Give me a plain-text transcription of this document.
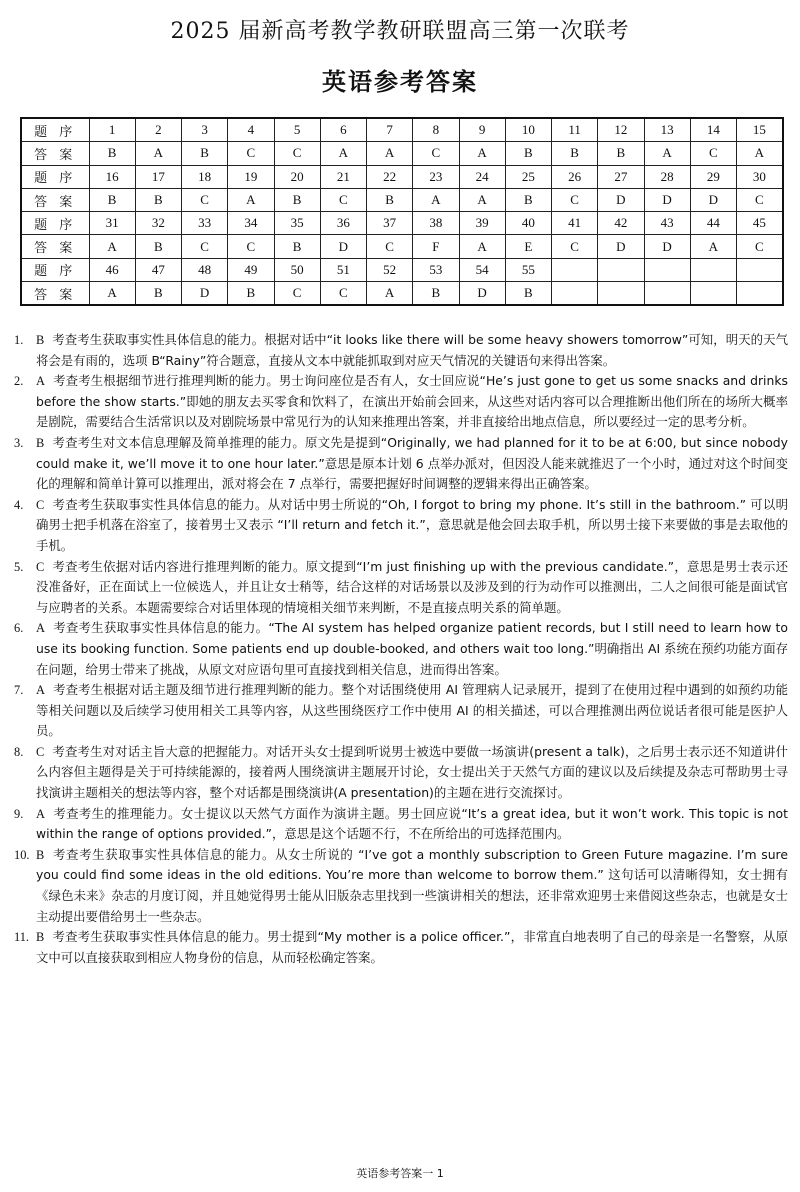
2025 届新高考教学教研联盟高三第一次联考
英语参考答案
题 序	1	2	3	4	5	6	7	8	9	10	11	12	13	14	15
答 案	B	A	B	C	C	A	A	C	A	B	B	B	A	C	A
题 序	16	17	18	19	20	21	22	23	24	25	26	27	28	29	30
答 案	B	B	C	A	B	C	B	A	A	B	C	D	D	D	C
题 序	31	32	33	34	35	36	37	38	39	40	41	42	43	44	45
答 案	A	B	C	C	B	D	C	F	A	E	C	D	D	A	C
题 序	46	47	48	49	50	51	52	53	54	55					
答 案	A	B	D	B	C	C	A	B	D	B					
1. B 考查考生获取事实性具体信息的能力。根据对话中“it looks like there will be some heavy showers tomorrow”可知，明天的天气将会是有雨的，选项 B“Rainy”符合题意，直接从文本中就能抓取到对应天气情况的关键语句来得出答案。
2. A 考查考生根据细节进行推理判断的能力。男士询问座位是否有人，女士回应说“He’s just gone to get us some snacks and drinks before the show starts.”即她的朋友去买零食和饮料了，在演出开始前会回来，从这些对话内容可以合理推断出他们所在的场所大概率是剧院，需要结合生活常识以及对剧院场景中常见行为的认知来推理出答案，并非直接给出地点信息，所以要经过一定的思考分析。
3. B 考查考生对文本信息理解及简单推理的能力。原文先是提到“Originally, we had planned for it to be at 6:00, but since nobody could make it, we’ll move it to one hour later.”意思是原本计划 6 点举办派对，但因没人能来就推迟了一个小时，通过对这个时间变化的理解和简单计算可以推理出，派对将会在 7 点举行，需要把握好时间调整的逻辑来得出正确答案。
4. C 考查考生获取事实性具体信息的能力。从对话中男士所说的“Oh, I forgot to bring my phone. It’s still in the bathroom.” 可以明确男士把手机落在浴室了，接着男士又表示 “I’ll return and fetch it.”，意思就是他会回去取手机，所以男士接下来要做的事是去取他的手机。
5. C 考查考生依据对话内容进行推理判断的能力。原文提到“I’m just finishing up with the previous candidate.”，意思是男士表示还没准备好，正在面试上一位候选人，并且让女士稍等，结合这样的对话场景以及涉及到的行为动作可以推测出，二人之间很可能是面试官与应聘者的关系。本题需要综合对话里体现的情境相关细节来判断，不是直接点明关系的简单题。
6. A 考查考生获取事实性具体信息的能力。“The AI system has helped organize patient records, but I still need to learn how to use its booking function. Some patients end up double-booked, and others wait too long.”明确指出 AI 系统在预约功能方面存在问题，给男士带来了挑战，从原文对应语句里可直接找到相关信息，进而得出答案。
7. A 考查考生根据对话主题及细节进行推理判断的能力。整个对话围绕使用 AI 管理病人记录展开，提到了在使用过程中遇到的如预约功能等相关问题以及后续学习使用相关工具等内容，从这些围绕医疗工作中使用 AI 的相关描述，可以合理推测出两位说话者很可能是医护人员。
8. C 考查考生对对话主旨大意的把握能力。对话开头女士提到听说男士被选中要做一场演讲(present a talk)，之后男士表示还不知道讲什么内容但主题得是关于可持续能源的，接着两人围绕演讲主题展开讨论，女士提出关于天然气方面的建议以及后续提及杂志可帮助男士寻找演讲主题相关的想法等内容，整个对话都是围绕演讲(A presentation)的主题在进行交流探讨。
9. A 考查考生的推理能力。女士提议以天然气方面作为演讲主题。男士回应说“It’s a great idea, but it won’t work. This topic is not within the range of options provided.”，意思是这个话题不行，不在所给出的可选择范围内。
10. B 考查考生获取事实性具体信息的能力。从女士所说的 “I’ve got a monthly subscription to Green Future magazine. I’m sure you could find some ideas in the old editions. You’re more than welcome to borrow them.” 这句话可以清晰得知，女士拥有《绿色未来》杂志的月度订阅，并且她觉得男士能从旧版杂志里找到一些演讲相关的想法，还非常欢迎男士来借阅这些杂志，也就是女士主动提出要借给男士一些杂志。
11. B 考查考生获取事实性具体信息的能力。男士提到“My mother is a police officer.”，非常直白地表明了自己的母亲是一名警察，从原文中可以直接获取到相应人物身份的信息，从而轻松确定答案。
英语参考答案一 1
